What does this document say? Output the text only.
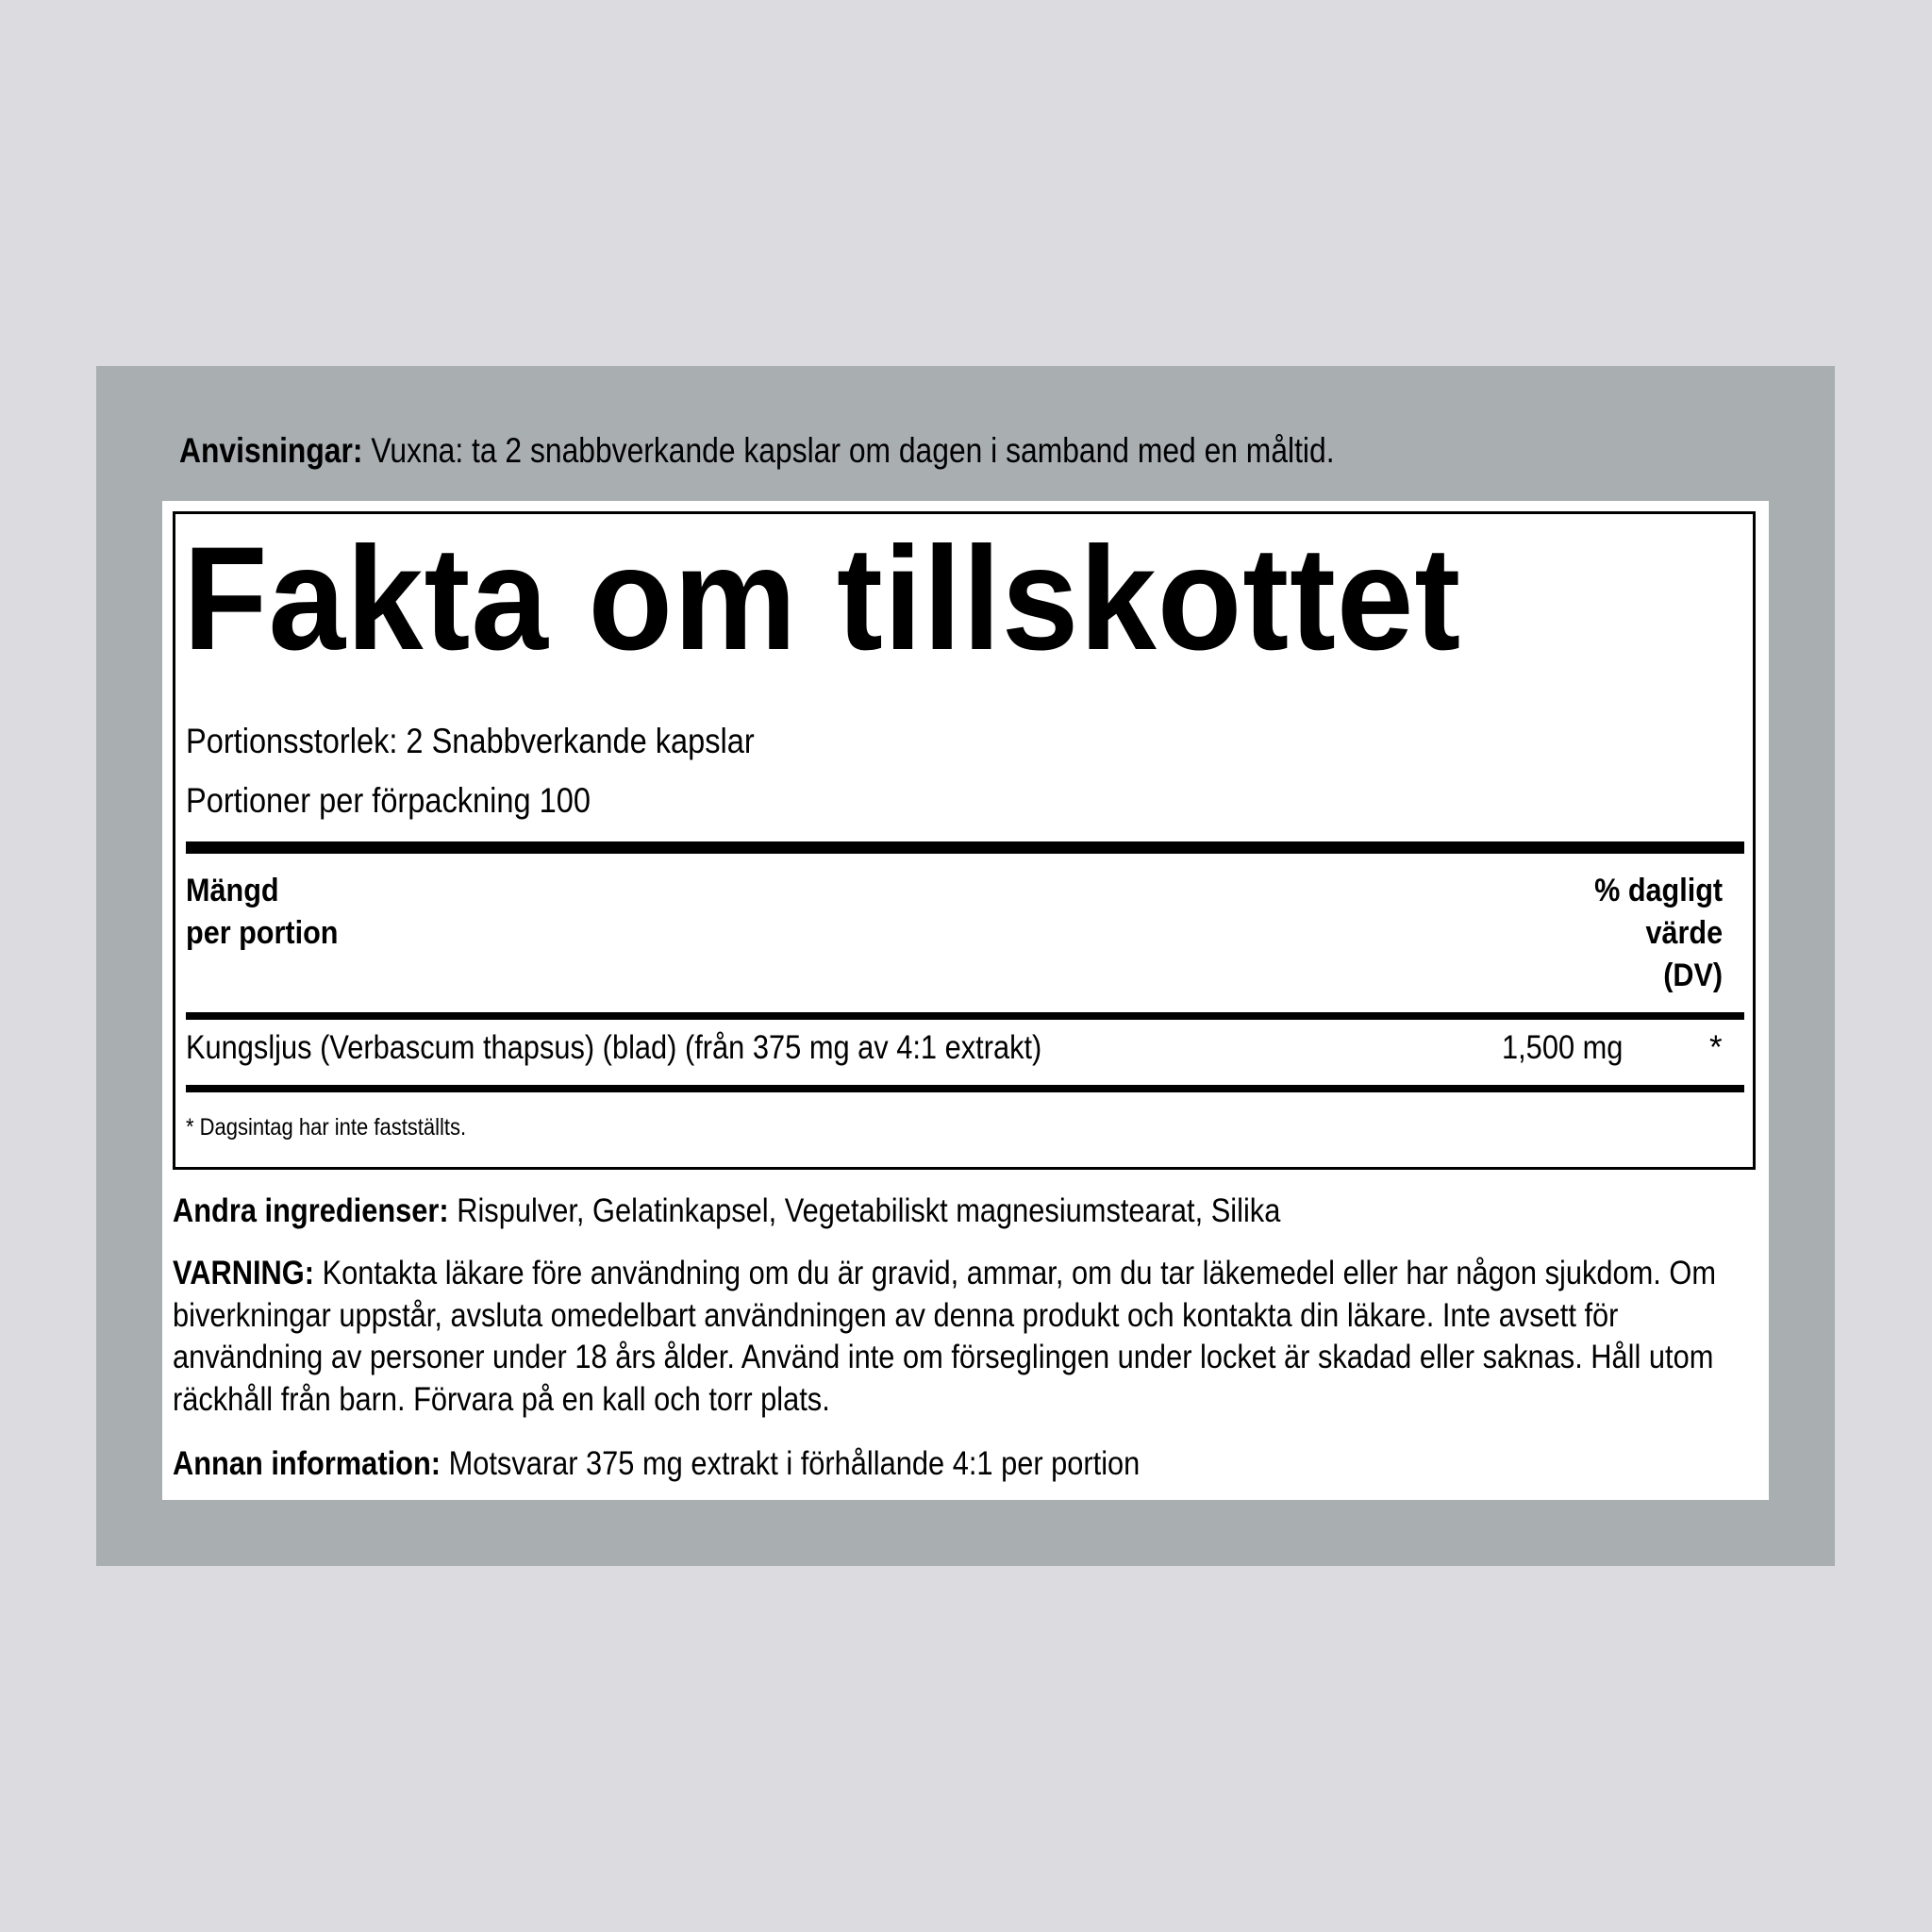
Anvisningar: Vuxna: ta 2 snabbverkande kapslar om dagen i samband med en måltid.
Fakta om tillskottet
Portionsstorlek: 2 Snabbverkande kapslar
Portioner per förpackning 100
Mängd
per portion
% dagligt
värde
(DV)
Kungsljus (Verbascum thapsus) (blad) (från 375 mg av 4:1 extrakt)	1,500 mg	*
* Dagsintag har inte fastställts.
Andra ingredienser: Rispulver, Gelatinkapsel, Vegetabiliskt magnesiumstearat, Silika
VARNING: Kontakta läkare före användning om du är gravid, ammar, om du tar läkemedel eller har någon sjukdom. Om biverkningar uppstår, avsluta omedelbart användningen av denna produkt och kontakta din läkare. Inte avsett för användning av personer under 18 års ålder. Använd inte om förseglingen under locket är skadad eller saknas. Håll utom räckhåll från barn. Förvara på en kall och torr plats.
Annan information: Motsvarar 375 mg extrakt i förhållande 4:1 per portion
